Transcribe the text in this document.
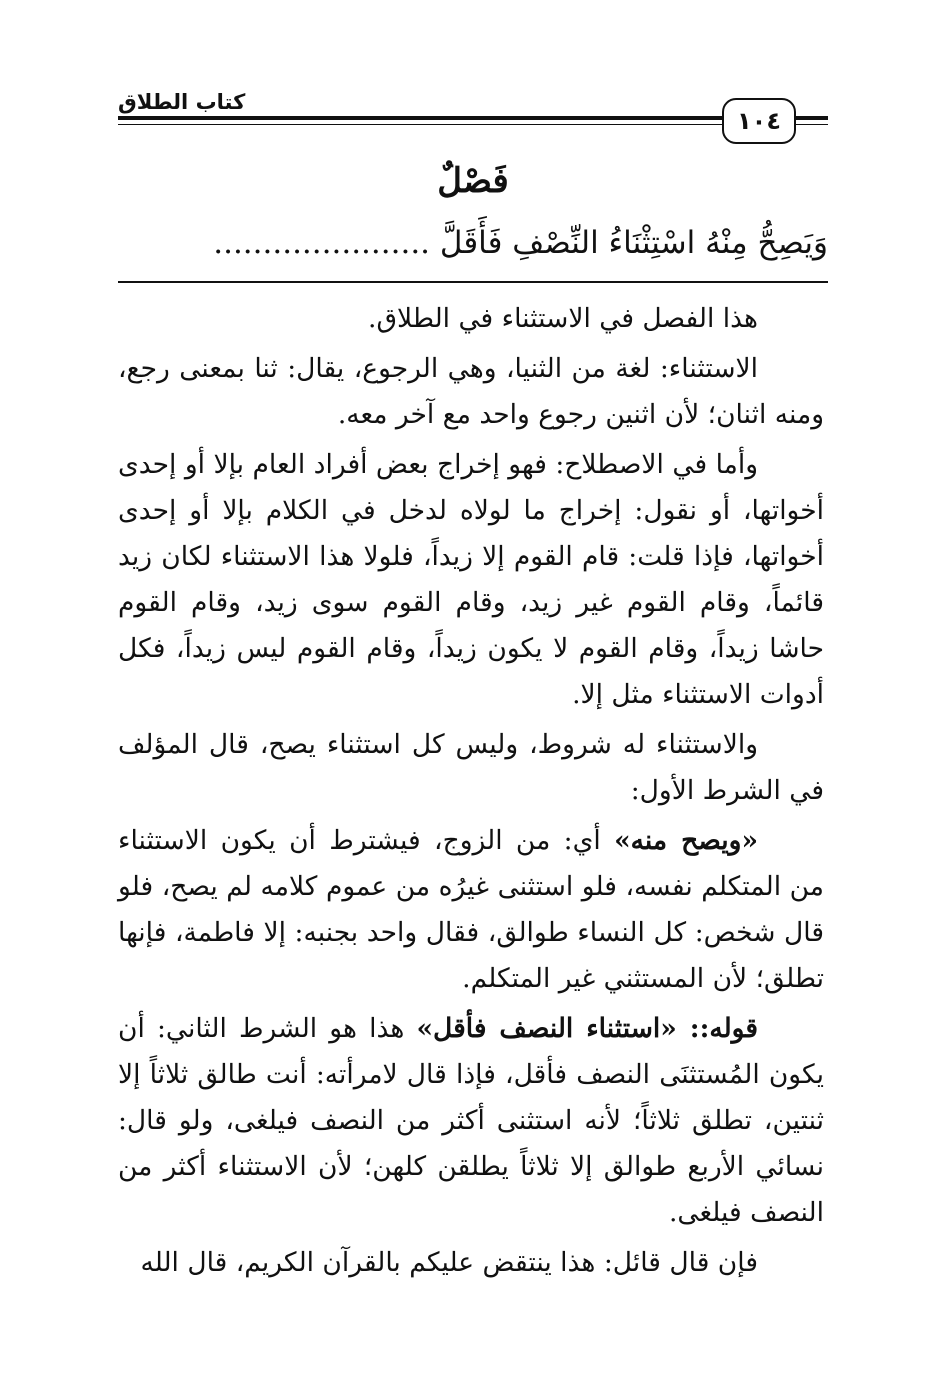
كتاب الطلاق
١٠٤
فَصْلٌ
وَيَصِحُّ مِنْهُ اسْتِثْنَاءُ النِّصْفِ فَأَقَلَّ ......................

هذا الفصل في الاستثناء في الطلاق.

الاستثناء: لغة من الثنيا، وهي الرجوع، يقال: ثنا بمعنى رجع، ومنه اثنان؛ لأن اثنين رجوع واحد مع آخر معه.

وأما في الاصطلاح: فهو إخراج بعض أفراد العام بإلا أو إحدى أخواتها، أو نقول: إخراج ما لولاه لدخل في الكلام بإلا أو إحدى أخواتها، فإذا قلت: قام القوم إلا زيداً، فلولا هذا الاستثناء لكان زيد قائماً، وقام القوم غير زيد، وقام القوم سوى زيد، وقام القوم حاشا زيداً، وقام القوم لا يكون زيداً، وقام القوم ليس زيداً، فكل أدوات الاستثناء مثل إلا.

والاستثناء له شروط، وليس كل استثناء يصح، قال المؤلف في الشرط الأول:

«ويصح منه» أي: من الزوج، فيشترط أن يكون الاستثناء من المتكلم نفسه، فلو استثنى غيرُه من عموم كلامه لم يصح، فلو قال شخص: كل النساء طوالق، فقال واحد بجنبه: إلا فاطمة، فإنها تطلق؛ لأن المستثني غير المتكلم.

قوله:: «استثناء النصف فأقل» هذا هو الشرط الثاني: أن يكون المُستثنَى النصف فأقل، فإذا قال لامرأته: أنت طالق ثلاثاً إلا ثنتين، تطلق ثلاثاً؛ لأنه استثنى أكثر من النصف فيلغى، ولو قال: نسائي الأربع طوالق إلا ثلاثاً يطلقن كلهن؛ لأن الاستثناء أكثر من النصف فيلغى.

فإن قال قائل: هذا ينتقض عليكم بالقرآن الكريم، قال الله
